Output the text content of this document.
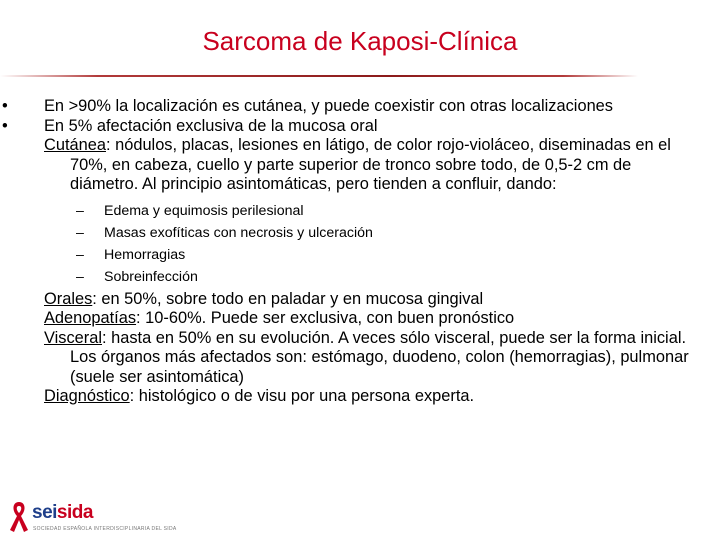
Sarcoma de Kaposi-Clínica
•	En >90% la localización es cutánea, y puede coexistir con otras localizaciones
•	En 5% afectación exclusiva de la mucosa oral
Cutánea: nódulos, placas, lesiones en látigo, de color rojo-violáceo, diseminadas en el 70%, en cabeza, cuello y parte superior de tronco sobre todo, de 0,5-2 cm de diámetro. Al principio asintomáticas, pero tienden a confluir, dando:
– Edema y equimosis perilesional
– Masas exofíticas con necrosis y ulceración
– Hemorragias
– Sobreinfección
Orales: en 50%, sobre todo en paladar y en mucosa gingival
Adenopatías: 10-60%. Puede ser exclusiva, con buen pronóstico
Visceral: hasta en 50% en su evolución. A veces sólo visceral, puede ser la forma inicial. Los órganos más afectados son: estómago, duodeno, colon (hemorragias), pulmonar (suele ser asintomática)
Diagnóstico: histológico o de visu por una persona experta.
seisida
SOCIEDAD ESPAÑOLA INTERDISCIPLINARIA DEL SIDA
